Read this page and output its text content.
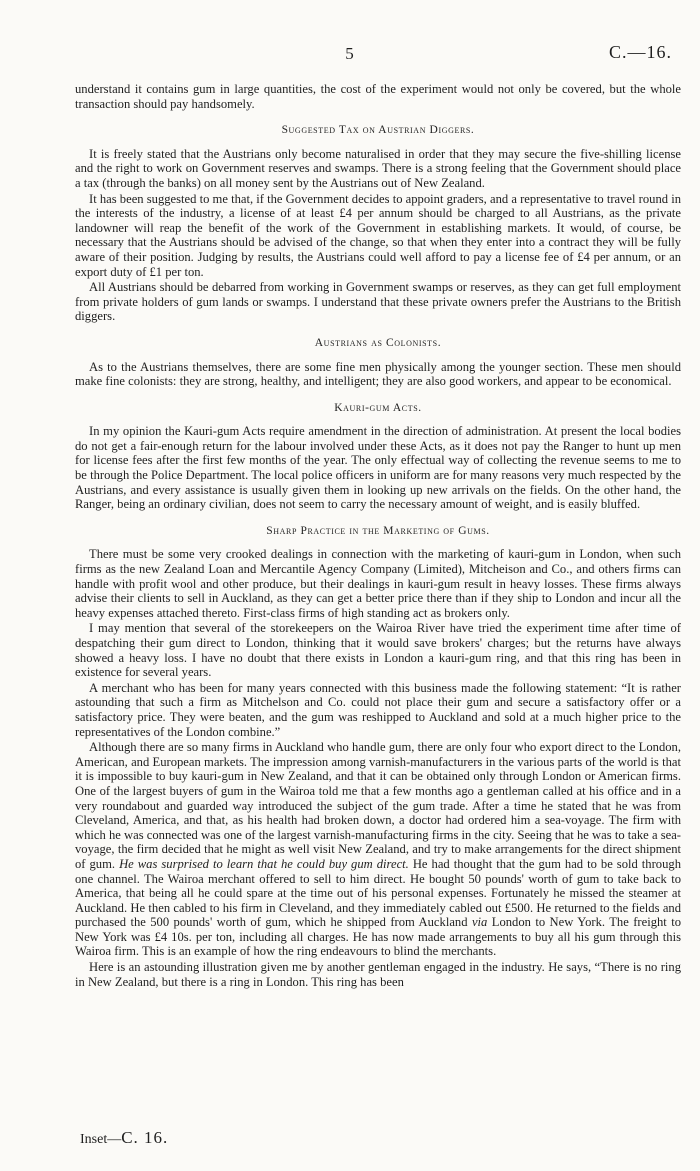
5	C.—16.

understand it contains gum in large quantities, the cost of the experiment would not only be covered, but the whole transaction should pay handsomely.

Suggested Tax on Austrian Diggers.

It is freely stated that the Austrians only become naturalised in order that they may secure the five-shilling license and the right to work on Government reserves and swamps. There is a strong feeling that the Government should place a tax (through the banks) on all money sent by the Austrians out of New Zealand.

It has been suggested to me that, if the Government decides to appoint graders, and a representative to travel round in the interests of the industry, a license of at least £4 per annum should be charged to all Austrians, as the private landowner will reap the benefit of the work of the Government in establishing markets. It would, of course, be necessary that the Austrians should be advised of the change, so that when they enter into a contract they will be fully aware of their position. Judging by results, the Austrians could well afford to pay a license fee of £4 per annum, or an export duty of £1 per ton.

All Austrians should be debarred from working in Government swamps or reserves, as they can get full employment from private holders of gum lands or swamps. I understand that these private owners prefer the Austrians to the British diggers.

Austrians as Colonists.

As to the Austrians themselves, there are some fine men physically among the younger section. These men should make fine colonists: they are strong, healthy, and intelligent; they are also good workers, and appear to be economical.

Kauri-gum Acts.

In my opinion the Kauri-gum Acts require amendment in the direction of administration. At present the local bodies do not get a fair-enough return for the labour involved under these Acts, as it does not pay the Ranger to hunt up men for license fees after the first few months of the year. The only effectual way of collecting the revenue seems to me to be through the Police Department. The local police officers in uniform are for many reasons very much respected by the Austrians, and every assistance is usually given them in looking up new arrivals on the fields. On the other hand, the Ranger, being an ordinary civilian, does not seem to carry the necessary amount of weight, and is easily bluffed.

Sharp Practice in the Marketing of Gums.

There must be some very crooked dealings in connection with the marketing of kauri-gum in London, when such firms as the new Zealand Loan and Mercantile Agency Company (Limited), Mitcheison and Co., and others firms can handle with profit wool and other produce, but their dealings in kauri-gum result in heavy losses. These firms always advise their clients to sell in Auckland, as they can get a better price there than if they ship to London and incur all the heavy expenses attached thereto. First-class firms of high standing act as brokers only.

I may mention that several of the storekeepers on the Wairoa River have tried the experiment time after time of despatching their gum direct to London, thinking that it would save brokers' charges; but the returns have always showed a heavy loss. I have no doubt that there exists in London a kauri-gum ring, and that this ring has been in existence for several years.

A merchant who has been for many years connected with this business made the following statement: “It is rather astounding that such a firm as Mitchelson and Co. could not place their gum and secure a satisfactory offer or a satisfactory price. They were beaten, and the gum was reshipped to Auckland and sold at a much higher price to the representatives of the London combine.”

Although there are so many firms in Auckland who handle gum, there are only four who export direct to the London, American, and European markets. The impression among varnish-manufacturers in the various parts of the world is that it is impossible to buy kauri-gum in New Zealand, and that it can be obtained only through London or American firms. One of the largest buyers of gum in the Wairoa told me that a few months ago a gentleman called at his office and in a very roundabout and guarded way introduced the subject of the gum trade. After a time he stated that he was from Cleveland, America, and that, as his health had broken down, a doctor had ordered him a sea-voyage. The firm with which he was connected was one of the largest varnish-manufacturing firms in the city. Seeing that he was to take a sea-voyage, the firm decided that he might as well visit New Zealand, and try to make arrangements for the direct shipment of gum. He was surprised to learn that he could buy gum direct. He had thought that the gum had to be sold through one channel. The Wairoa merchant offered to sell to him direct. He bought 50 pounds' worth of gum to take back to America, that being all he could spare at the time out of his personal expenses. Fortunately he missed the steamer at Auckland. He then cabled to his firm in Cleveland, and they immediately cabled out £500. He returned to the fields and purchased the 500 pounds' worth of gum, which he shipped from Auckland via London to New York. The freight to New York was £4 10s. per ton, including all charges. He has now made arrangements to buy all his gum through this Wairoa firm. This is an example of how the ring endeavours to blind the merchants.

Here is an astounding illustration given me by another gentleman engaged in the industry. He says, “There is no ring in New Zealand, but there is a ring in London. This ring has been

Inset—C. 16.
